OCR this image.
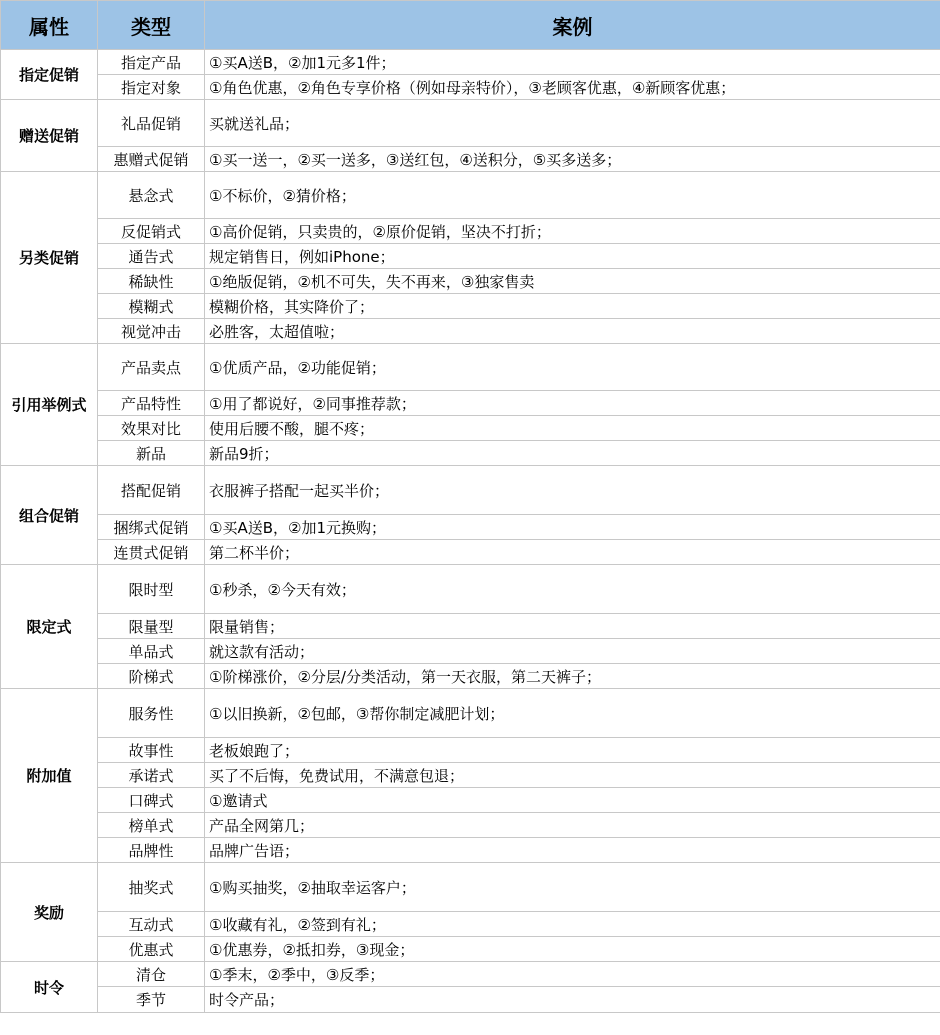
属性	类型	案例
指定促销	指定产品	①买A送B，②加1元多1件；
	指定对象	①角色优惠，②角色专享价格（例如母亲特价），③老顾客优惠，④新顾客优惠；
赠送促销	礼品促销	买就送礼品；
	惠赠式促销	①买一送一，②买一送多，③送红包，④送积分，⑤买多送多；
另类促销	悬念式	①不标价，②猜价格；
	反促销式	①高价促销，只卖贵的，②原价促销，坚决不打折；
	通告式	规定销售日，例如iPhone；
	稀缺性	①绝版促销，②机不可失，失不再来，③独家售卖
	模糊式	模糊价格，其实降价了；
	视觉冲击	必胜客，太超值啦；
引用举例式	产品卖点	①优质产品，②功能促销；
	产品特性	①用了都说好，②同事推荐款；
	效果对比	使用后腰不酸，腿不疼；
	新品	新品9折；
组合促销	搭配促销	衣服裤子搭配一起买半价；
	捆绑式促销	①买A送B，②加1元换购；
	连贯式促销	第二杯半价；
限定式	限时型	①秒杀，②今天有效；
	限量型	限量销售；
	单品式	就这款有活动；
	阶梯式	①阶梯涨价，②分层/分类活动，第一天衣服，第二天裤子；
附加值	服务性	①以旧换新，②包邮，③帮你制定减肥计划；
	故事性	老板娘跑了；
	承诺式	买了不后悔，免费试用，不满意包退；
	口碑式	①邀请式
	榜单式	产品全网第几；
	品牌性	品牌广告语；
奖励	抽奖式	①购买抽奖，②抽取幸运客户；
	互动式	①收藏有礼，②签到有礼；
	优惠式	①优惠券，②抵扣券，③现金；
时令	清仓	①季末，②季中，③反季；
	季节	时令产品；
